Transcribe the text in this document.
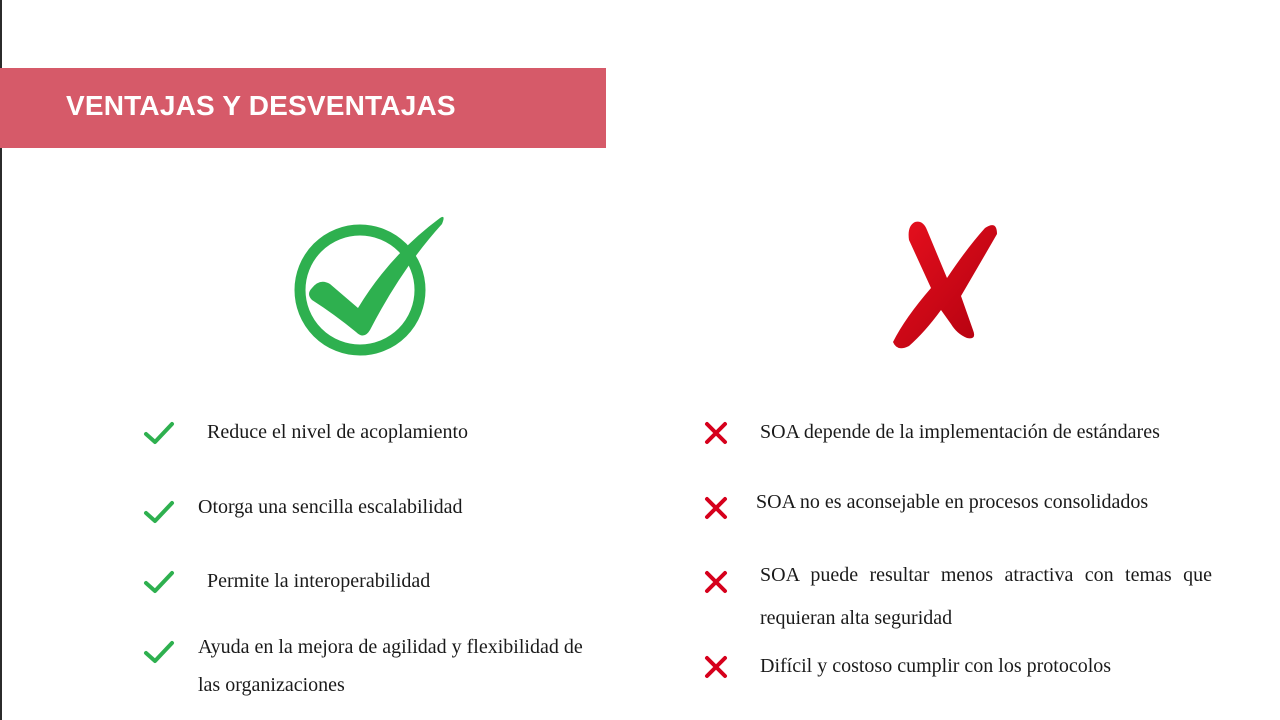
VENTAJAS Y DESVENTAJAS
Reduce el nivel de acoplamiento
Otorga una sencilla escalabilidad
Permite la interoperabilidad
Ayuda en la mejora de agilidad y flexibilidad de las organizaciones
SOA depende de la implementación de estándares
SOA no es aconsejable en procesos consolidados
SOA puede resultar menos atractiva con temas que requieran alta seguridad
Difícil y costoso cumplir con los protocolos
